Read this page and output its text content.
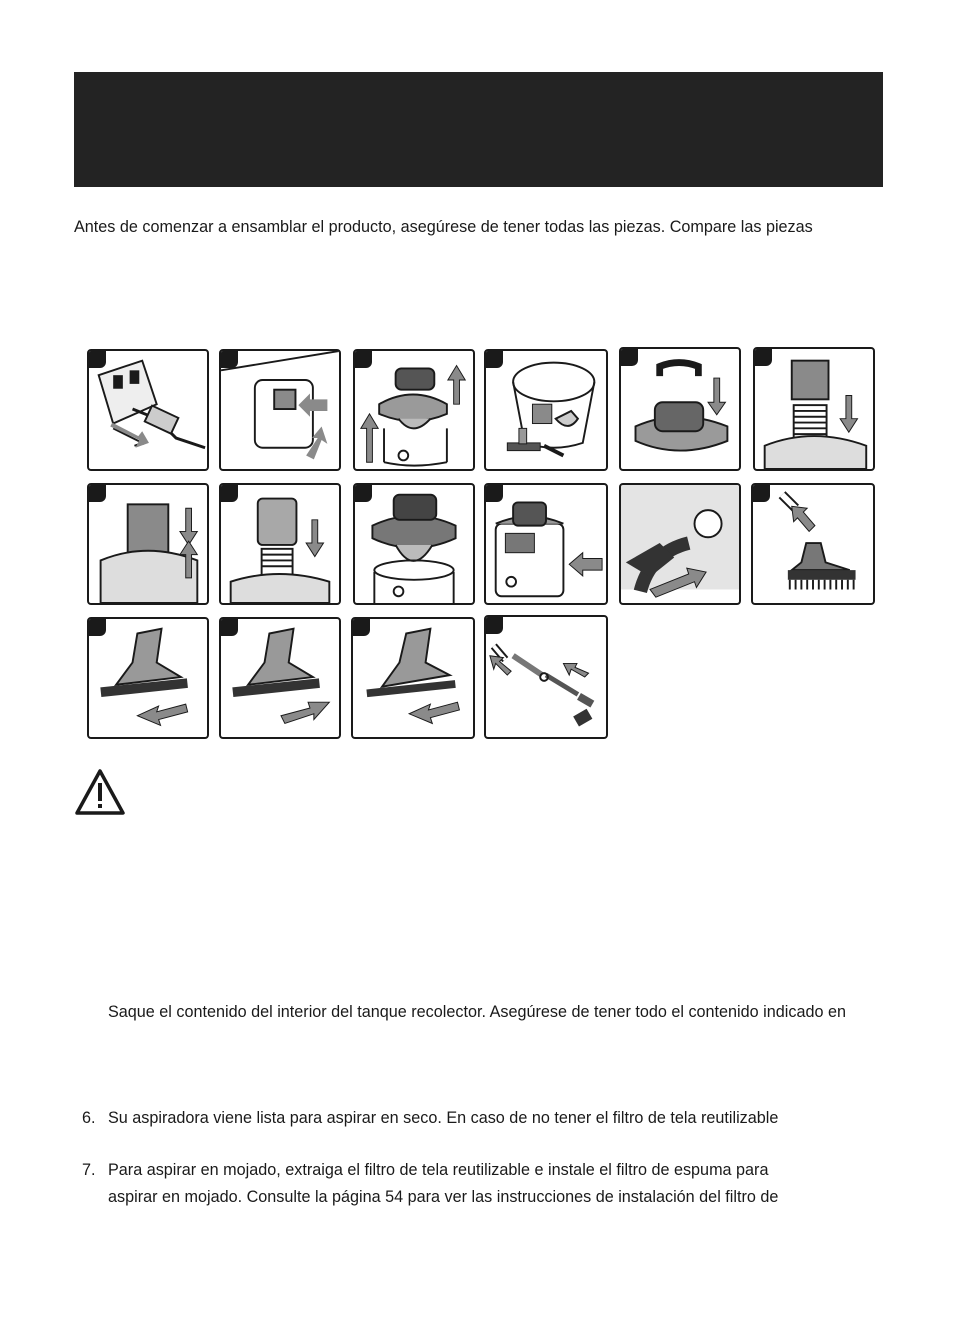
Antes de comenzar a ensamblar el producto, asegúrese de tener todas las piezas. Compare las piezas
Saque el contenido del interior del tanque recolector. Asegúrese de tener todo el contenido indicado en
6. Su aspiradora viene lista para aspirar en seco. En caso de no tener el filtro de tela reutilizable
7. Para aspirar en mojado, extraiga el filtro de tela reutilizable e instale el filtro de espuma para
aspirar en mojado. Consulte la página 54 para ver las instrucciones de instalación del filtro de
